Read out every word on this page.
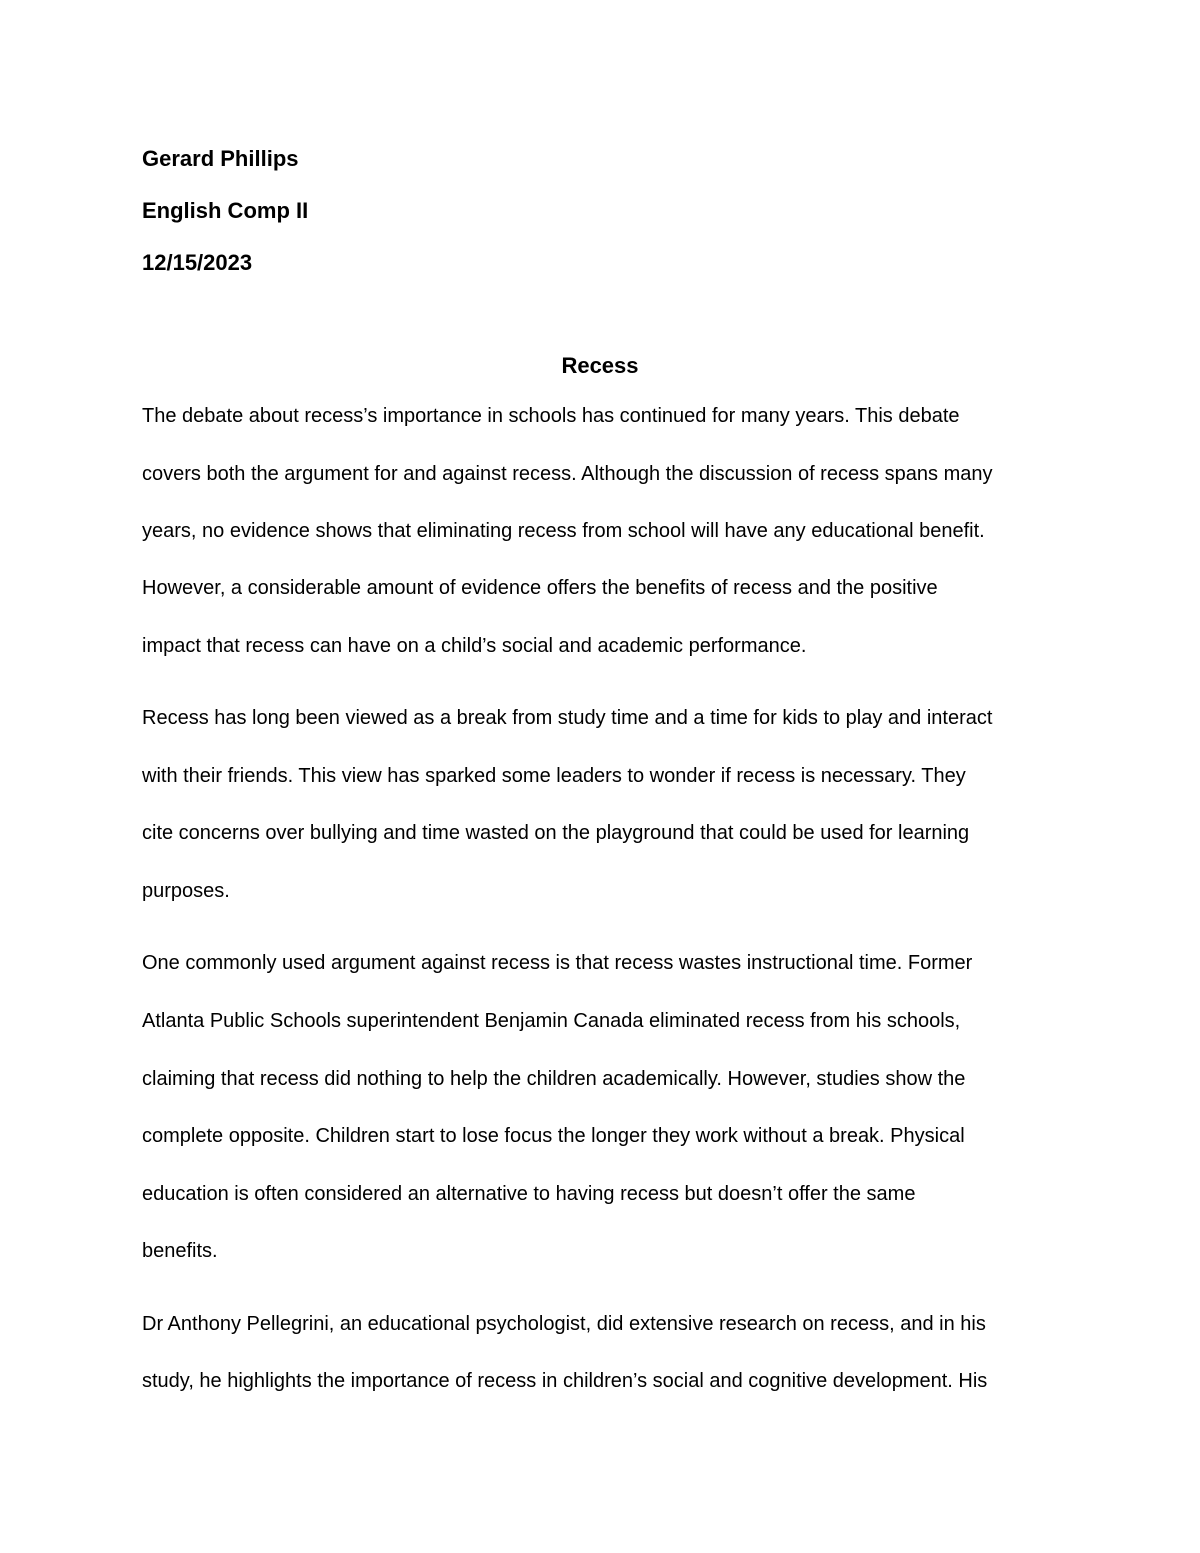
Gerard Phillips
English Comp II
12/15/2023
Recess
The debate about recess’s importance in schools has continued for many years. This debate
covers both the argument for and against recess. Although the discussion of recess spans many
years, no evidence shows that eliminating recess from school will have any educational benefit.
However, a considerable amount of evidence offers the benefits of recess and the positive
impact that recess can have on a child’s social and academic performance.
Recess has long been viewed as a break from study time and a time for kids to play and interact
with their friends. This view has sparked some leaders to wonder if recess is necessary. They
cite concerns over bullying and time wasted on the playground that could be used for learning
purposes.
One commonly used argument against recess is that recess wastes instructional time. Former
Atlanta Public Schools superintendent Benjamin Canada eliminated recess from his schools,
claiming that recess did nothing to help the children academically. However, studies show the
complete opposite. Children start to lose focus the longer they work without a break. Physical
education is often considered an alternative to having recess but doesn’t offer the same
benefits.
Dr Anthony Pellegrini, an educational psychologist, did extensive research on recess, and in his
study, he highlights the importance of recess in children’s social and cognitive development. His
